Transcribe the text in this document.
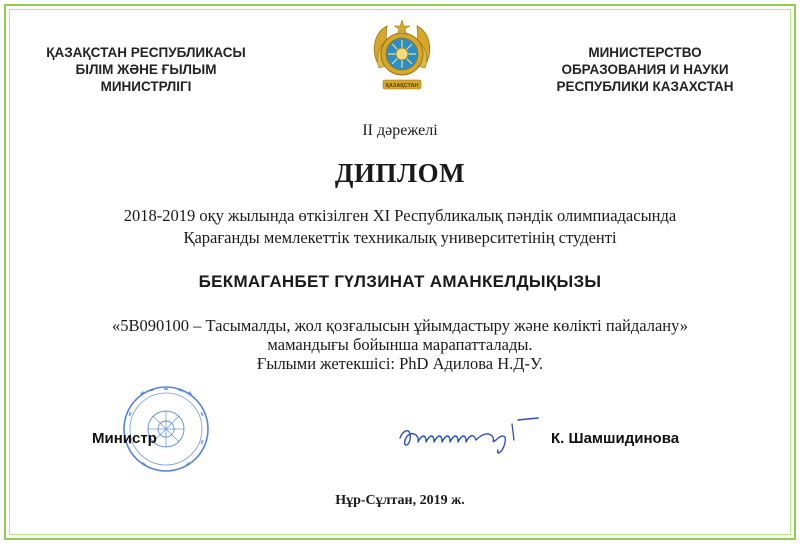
ҚАЗАҚСТАН РЕСПУБЛИКАСЫ
БІЛІМ ЖӘНЕ ҒЫЛЫМ
МИНИСТРЛІГІ	ҚАЗАҚСТАН
МИНИСТЕРСТВО
ОБРАЗОВАНИЯ И НАУКИ
РЕСПУБЛИКИ КАЗАХСТАН
II дәрежелі
ДИПЛОМ
2018-2019 оқу жылында өткізілген XI Республикалық пәндік олимпиадасында
Қарағанды мемлекеттік техникалық университетінің студенті
БЕКМАГАНБЕТ ГҮЛЗИНАТ АМАНКЕЛДЫҚЫЗЫ
«5В090100 – Тасымалды, жол қозғалысын ұйымдастыру және көлікті пайдалану»
мамандығы бойынша марапатталады.
Ғылыми жетекшісі: PhD Адилова Н.Д-У.
Министр	К. Шамшидинова
Нұр-Сұлтан, 2019 ж.
